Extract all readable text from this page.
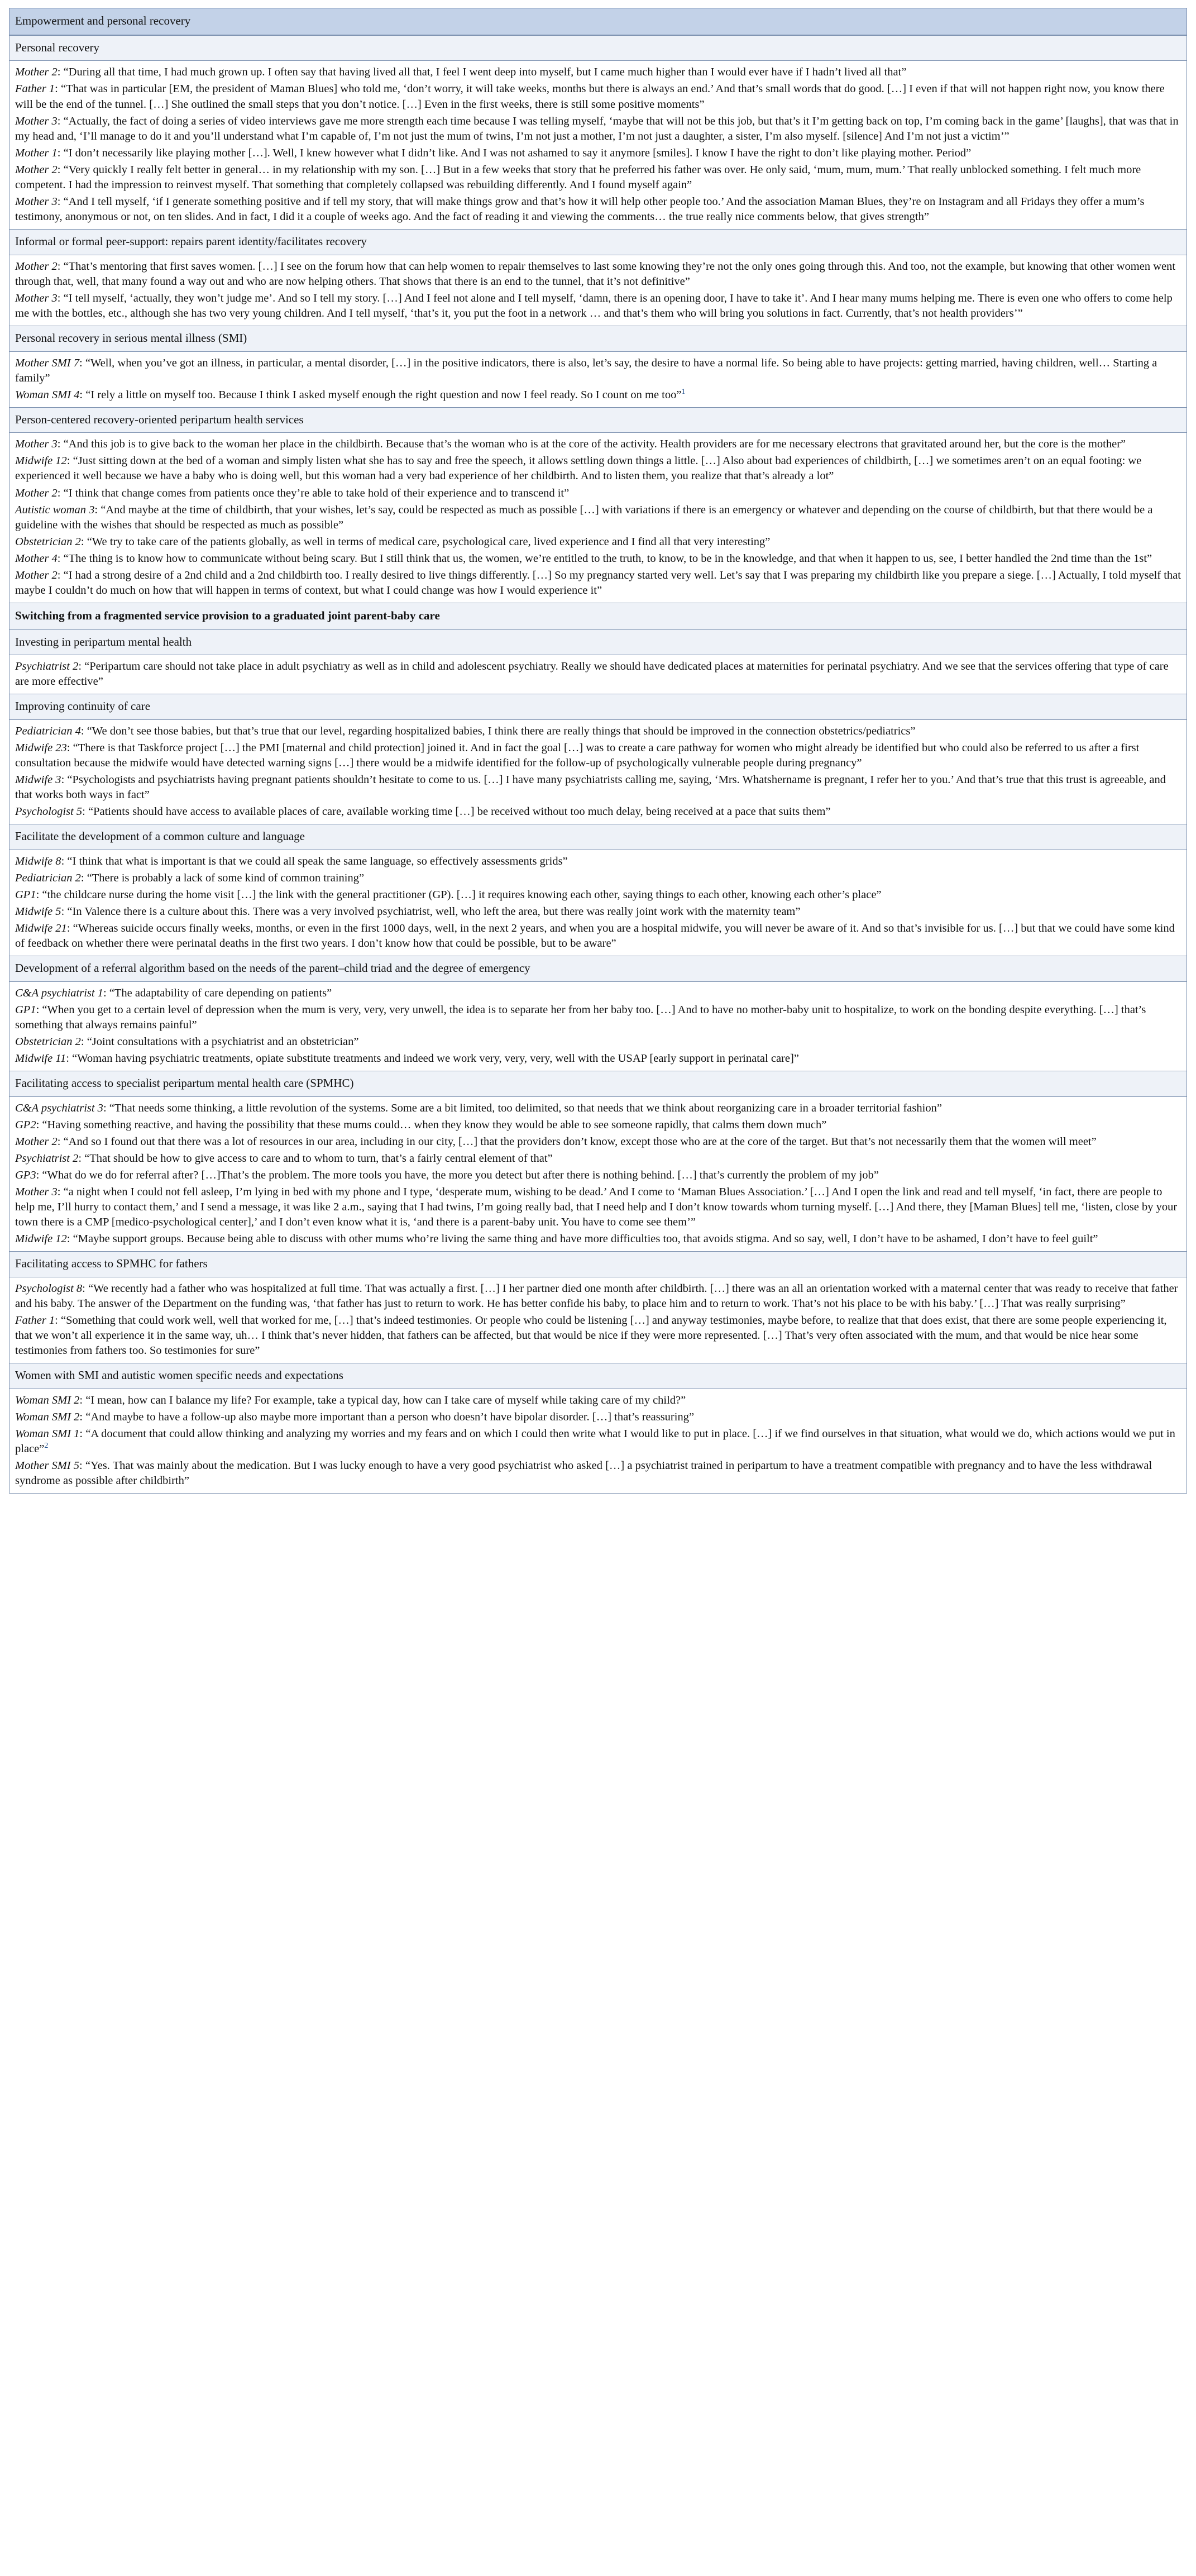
Empowerment and personal recovery
Personal recovery

Mother 2: “During all that time, I had much grown up. I often say that having lived all that, I feel I went deep into myself, but I came much higher than I would ever have if I hadn’t lived all that”

Father 1: “That was in particular [EM, the president of Maman Blues] who told me, ‘don’t worry, it will take weeks, months but there is always an end.’ And that’s small words that do good. […] I even if that will not happen right now, you know there will be the end of the tunnel. […] She outlined the small steps that you don’t notice. […] Even in the first weeks, there is still some positive moments”

Mother 3: “Actually, the fact of doing a series of video interviews gave me more strength each time because I was telling myself, ‘maybe that will not be this job, but that’s it I’m getting back on top, I’m coming back in the game’ [laughs], that was that in my head and, ‘I’ll manage to do it and you’ll understand what I’m capable of, I’m not just the mum of twins, I’m not just a mother, I’m not just a daughter, a sister, I’m also myself. [silence] And I’m not just a victim’”

Mother 1: “I don’t necessarily like playing mother […]. Well, I knew however what I didn’t like. And I was not ashamed to say it anymore [smiles]. I know I have the right to don’t like playing mother. Period”

Mother 2: “Very quickly I really felt better in general… in my relationship with my son. […] But in a few weeks that story that he preferred his father was over. He only said, ‘mum, mum, mum.’ That really unblocked something. I felt much more competent. I had the impression to reinvest myself. That something that completely collapsed was rebuilding differently. And I found myself again”

Mother 3: “And I tell myself, ‘if I generate something positive and if tell my story, that will make things grow and that’s how it will help other people too.’ And the association Maman Blues, they’re on Instagram and all Fridays they offer a mum’s testimony, anonymous or not, on ten slides. And in fact, I did it a couple of weeks ago. And the fact of reading it and viewing the comments… the true really nice comments below, that gives strength”

Informal or formal peer-support: repairs parent identity/facilitates recovery

Mother 2: “That’s mentoring that first saves women. […] I see on the forum how that can help women to repair themselves to last some knowing they’re not the only ones going through this. And too, not the example, but knowing that other women went through that, well, that many found a way out and who are now helping others. That shows that there is an end to the tunnel, that it’s not definitive”

Mother 3: “I tell myself, ‘actually, they won’t judge me’. And so I tell my story. […] And I feel not alone and I tell myself, ‘damn, there is an opening door, I have to take it’. And I hear many mums helping me. There is even one who offers to come help me with the bottles, etc., although she has two very young children. And I tell myself, ‘that’s it, you put the foot in a network … and that’s them who will bring you solutions in fact. Currently, that’s not health providers’”

Personal recovery in serious mental illness (SMI)

Mother SMI 7: “Well, when you’ve got an illness, in particular, a mental disorder, […] in the positive indicators, there is also, let’s say, the desire to have a normal life. So being able to have projects: getting married, having children, well… Starting a family”

Woman SMI 4: “I rely a little on myself too. Because I think I asked myself enough the right question and now I feel ready. So I count on me too”$^1$

Person-centered recovery-oriented peripartum health services

Mother 3: “And this job is to give back to the woman her place in the childbirth. Because that’s the woman who is at the core of the activity. Health providers are for me necessary electrons that gravitated around her, but the core is the mother”

Midwife 12: “Just sitting down at the bed of a woman and simply listen what she has to say and free the speech, it allows settling down things a little. […] Also about bad experiences of childbirth, […] we sometimes aren’t on an equal footing: we experienced it well because we have a baby who is doing well, but this woman had a very bad experience of her childbirth. And to listen them, you realize that that’s already a lot”

Mother 2: “I think that change comes from patients once they’re able to take hold of their experience and to transcend it”

Autistic woman 3: “And maybe at the time of childbirth, that your wishes, let’s say, could be respected as much as possible […] with variations if there is an emergency or whatever and depending on the course of childbirth, but that there would be a guideline with the wishes that should be respected as much as possible”

Obstetrician 2: “We try to take care of the patients globally, as well in terms of medical care, psychological care, lived experience and I find all that very interesting”

Mother 4: “The thing is to know how to communicate without being scary. But I still think that us, the women, we’re entitled to the truth, to know, to be in the knowledge, and that when it happen to us, see, I better handled the 2nd time than the 1st”

Mother 2: “I had a strong desire of a 2nd child and a 2nd childbirth too. I really desired to live things differently. […] So my pregnancy started very well. Let’s say that I was preparing my childbirth like you prepare a siege. […] Actually, I told myself that maybe I couldn’t do much on how that will happen in terms of context, but what I could change was how I would experience it”

Switching from a fragmented service provision to a graduated joint parent-baby care
Investing in peripartum mental health

Psychiatrist 2: “Peripartum care should not take place in adult psychiatry as well as in child and adolescent psychiatry. Really we should have dedicated places at maternities for perinatal psychiatry. And we see that the services offering that type of care are more effective”

Improving continuity of care

Pediatrician 4: “We don’t see those babies, but that’s true that our level, regarding hospitalized babies, I think there are really things that should be improved in the connection obstetrics/pediatrics”

Midwife 23: “There is that Taskforce project […] the PMI [maternal and child protection] joined it. And in fact the goal […] was to create a care pathway for women who might already be identified but who could also be referred to us after a first consultation because the midwife would have detected warning signs […] there would be a midwife identified for the follow-up of psychologically vulnerable people during pregnancy”

Midwife 3: “Psychologists and psychiatrists having pregnant patients shouldn’t hesitate to come to us. […] I have many psychiatrists calling me, saying, ‘Mrs. Whatshername is pregnant, I refer her to you.’ And that’s true that this trust is agreeable, and that works both ways in fact”

Psychologist 5: “Patients should have access to available places of care, available working time […] be received without too much delay, being received at a pace that suits them”

Facilitate the development of a common culture and language

Midwife 8: “I think that what is important is that we could all speak the same language, so effectively assessments grids”

Pediatrician 2: “There is probably a lack of some kind of common training”

GP1: “the childcare nurse during the home visit […] the link with the general practitioner (GP). […] it requires knowing each other, saying things to each other, knowing each other’s place”

Midwife 5: “In Valence there is a culture about this. There was a very involved psychiatrist, well, who left the area, but there was really joint work with the maternity team”

Midwife 21: “Whereas suicide occurs finally weeks, months, or even in the first 1000 days, well, in the next 2 years, and when you are a hospital midwife, you will never be aware of it. And so that’s invisible for us. […] but that we could have some kind of feedback on whether there were perinatal deaths in the first two years. I don’t know how that could be possible, but to be aware”

Development of a referral algorithm based on the needs of the parent–child triad and the degree of emergency

C&A psychiatrist 1: “The adaptability of care depending on patients”

GP1: “When you get to a certain level of depression when the mum is very, very, very unwell, the idea is to separate her from her baby too. […] And to have no mother-baby unit to hospitalize, to work on the bonding despite everything. […] that’s something that always remains painful”

Obstetrician 2: “Joint consultations with a psychiatrist and an obstetrician”

Midwife 11: “Woman having psychiatric treatments, opiate substitute treatments and indeed we work very, very, very, well with the USAP [early support in perinatal care]”

Facilitating access to specialist peripartum mental health care (SPMHC)

C&A psychiatrist 3: “That needs some thinking, a little revolution of the systems. Some are a bit limited, too delimited, so that needs that we think about reorganizing care in a broader territorial fashion”

GP2: “Having something reactive, and having the possibility that these mums could… when they know they would be able to see someone rapidly, that calms them down much”

Mother 2: “And so I found out that there was a lot of resources in our area, including in our city, […] that the providers don’t know, except those who are at the core of the target. But that’s not necessarily them that the women will meet”

Psychiatrist 2: “That should be how to give access to care and to whom to turn, that’s a fairly central element of that”

GP3: “What do we do for referral after? […]That’s the problem. The more tools you have, the more you detect but after there is nothing behind. […] that’s currently the problem of my job”

Mother 3: “a night when I could not fell asleep, I’m lying in bed with my phone and I type, ‘desperate mum, wishing to be dead.’ And I come to ‘Maman Blues Association.’ […] And I open the link and read and tell myself, ‘in fact, there are people to help me, I’ll hurry to contact them,’ and I send a message, it was like 2 a.m., saying that I had twins, I’m going really bad, that I need help and I don’t know towards whom turning myself. […] And there, they [Maman Blues] tell me, ‘listen, close by your town there is a CMP [medico-psychological center],’ and I don’t even know what it is, ‘and there is a parent-baby unit. You have to come see them’”

Midwife 12: “Maybe support groups. Because being able to discuss with other mums who’re living the same thing and have more difficulties too, that avoids stigma. And so say, well, I don’t have to be ashamed, I don’t have to feel guilt”

Facilitating access to SPMHC for fathers

Psychologist 8: “We recently had a father who was hospitalized at full time. That was actually a first. […] I her partner died one month after childbirth. […] there was an all an orientation worked with a maternal center that was ready to receive that father and his baby. The answer of the Department on the funding was, ‘that father has just to return to work. He has better confide his baby, to place him and to return to work. That’s not his place to be with his baby.’ […] That was really surprising”

Father 1: “Something that could work well, well that worked for me, […] that’s indeed testimonies. Or people who could be listening […] and anyway testimonies, maybe before, to realize that that does exist, that there are some people experiencing it, that we won’t all experience it in the same way, uh… I think that’s never hidden, that fathers can be affected, but that would be nice if they were more represented. […] That’s very often associated with the mum, and that would be nice hear some testimonies from fathers too. So testimonies for sure”

Women with SMI and autistic women specific needs and expectations

Woman SMI 2: “I mean, how can I balance my life? For example, take a typical day, how can I take care of myself while taking care of my child?”

Woman SMI 2: “And maybe to have a follow-up also maybe more important than a person who doesn’t have bipolar disorder. […] that’s reassuring”

Woman SMI 1: “A document that could allow thinking and analyzing my worries and my fears and on which I could then write what I would like to put in place. […] if we find ourselves in that situation, what would we do, which actions would we put in place”$^2$

Mother SMI 5: “Yes. That was mainly about the medication. But I was lucky enough to have a very good psychiatrist who asked […] a psychiatrist trained in peripartum to have a treatment compatible with pregnancy and to have the less withdrawal syndrome as possible after childbirth”
